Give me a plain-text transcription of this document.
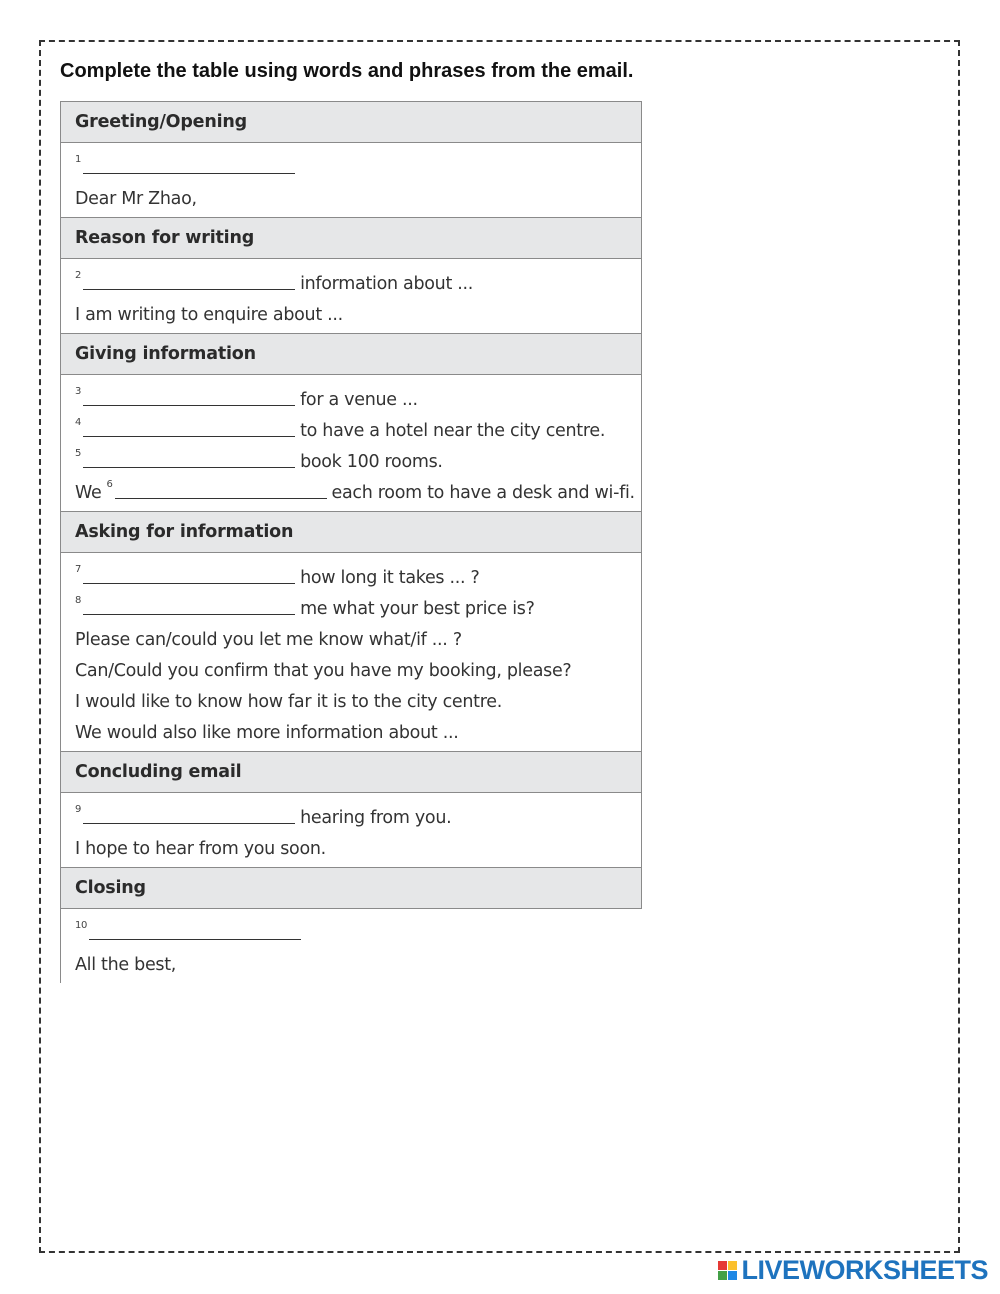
Complete the table using words and phrases from the email.
Greeting/Opening
1
Dear Mr Zhao,
Reason for writing
2	information about ...
I am writing to enquire about ...
Giving information
3	for a venue ...
4	to have a hotel near the city centre.
5	book 100 rooms.
We 6	each room to have a desk and wi-fi.
Asking for information
7	how long it takes ... ?
8	me what your best price is?
Please can/could you let me know what/if ... ?
Can/Could you confirm that you have my booking, please?
I would like to know how far it is to the city centre.
We would also like more information about ...
Concluding email
9	hearing from you.
I hope to hear from you soon.
Closing
10
All the best,
LIVEWORKSHEETS
